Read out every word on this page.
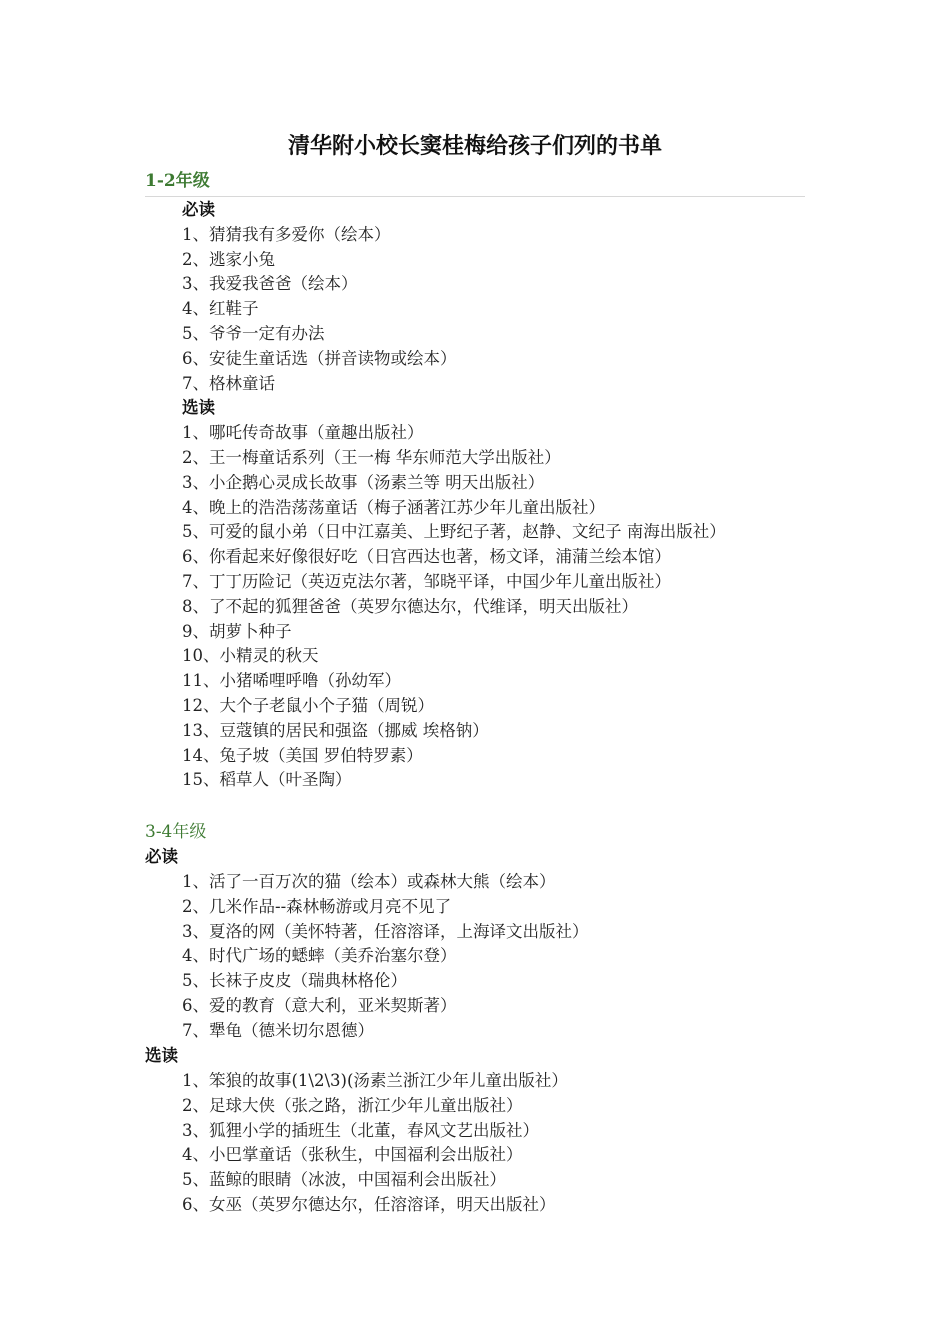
清华附小校长窦桂梅给孩子们列的书单
1-2年级
必读
1、猜猜我有多爱你（绘本）
2、逃家小兔
3、我爱我爸爸（绘本）
4、红鞋子
5、爷爷一定有办法
6、安徒生童话选（拼音读物或绘本）
7、格林童话
选读
1、哪吒传奇故事（童趣出版社）
2、王一梅童话系列（王一梅 华东师范大学出版社）
3、小企鹅心灵成长故事（汤素兰等 明天出版社）
4、晚上的浩浩荡荡童话（梅子涵著江苏少年儿童出版社）
5、可爱的鼠小弟（日中江嘉美、上野纪子著，赵静、文纪子 南海出版社）
6、你看起来好像很好吃（日宫西达也著，杨文译，浦蒲兰绘本馆）
7、丁丁历险记（英迈克法尔著，邹晓平译，中国少年儿童出版社）
8、了不起的狐狸爸爸（英罗尔德达尔，代维译，明天出版社）
9、胡萝卜种子
10、小精灵的秋天
11、小猪唏哩呼噜（孙幼军）
12、大个子老鼠小个子猫（周锐）
13、豆蔻镇的居民和强盗（挪威 埃格钠）
14、兔子坡（美国 罗伯特罗素）
15、稻草人（叶圣陶）
3-4年级
必读
1、活了一百万次的猫（绘本）或森林大熊（绘本）
2、几米作品--森林畅游或月亮不见了
3、夏洛的网（美怀特著，任溶溶译，上海译文出版社）
4、时代广场的蟋蟀（美乔治塞尔登）
5、长袜子皮皮（瑞典林格伦）
6、爱的教育（意大利，亚米契斯著）
7、犟龟（德米切尔恩德）
选读
1、笨狼的故事(1\2\3)(汤素兰浙江少年儿童出版社）
2、足球大侠（张之路，浙江少年儿童出版社）
3、狐狸小学的插班生（北董，春风文艺出版社）
4、小巴掌童话（张秋生，中国福利会出版社）
5、蓝鲸的眼睛（冰波，中国福利会出版社）
6、女巫（英罗尔德达尔，任溶溶译，明天出版社）
